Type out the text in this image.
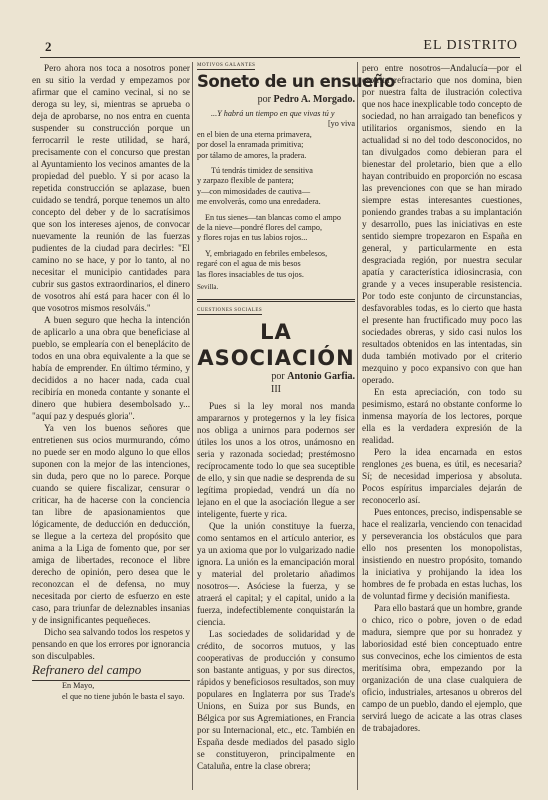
2	EL DISTRITO

Pero ahora nos toca a nosotros poner en su sitio la verdad y empezamos por afirmar que el camino vecinal, si no se deroga su ley, si, mientras se aprueba o deja de aprobarse, no nos entra en cuenta suspender su construcción porque un ferrocarril le reste utilidad, se hará, precisamente con el concurso que prestan al Ayuntamiento los vecinos amantes de la propiedad del pueblo. Y si por acaso la repetida construcción se aplazase, buen cuidado se tendrá, porque tenemos un alto concepto del deber y de lo sacratísimos que son los intereses ajenos, de convocar nuevamente la reunión de las fuerzas pudientes de la ciudad para decirles: "El camino no se hace, y por lo tanto, al no necesitar el municipio cantidades para cubrir sus gastos extraordinarios, el dinero de vosotros ahí está para hacer con él lo que vosotros mismos resolváis."

A buen seguro que hecha la intención de aplicarlo a una obra que beneficiase al pueblo, se emplearía con el beneplácito de todos en una obra equivalente a la que se había de emprender. En último término, y decididos a no hacer nada, cada cual recibiría en moneda contante y sonante el dinero que hubiera desembolsado y... "aquí paz y después gloria".

Ya ven los buenos señores que entretienen sus ocios murmurando, cómo no puede ser en modo alguno lo que ellos suponen con la mejor de las intenciones, sin duda, pero que no lo parece. Porque cuando se quiere fiscalizar, censurar o criticar, ha de hacerse con la conciencia tan libre de apasionamientos que lógicamente, de deducción en deducción, se llegue a la certeza del propósito que anima a la Liga de fomento que, por ser amiga de libertades, reconoce el libre derecho de opinión, pero desea que le reconozcan el de defensa, no muy necesitada por cierto de esfuerzo en este caso, para triunfar de deleznables insanias y de insignificantes pequeñeces.

Dicho sea salvando todos los respetos y pensando en que los errores por ignorancia son disculpables.

Refranero del campo

En Mayo,
el que no tiene jubón le basta el sayo.
MOTIVOS GALANTES
Soneto de un ensueño
por Pedro A. Morgado.
...Y habrá un tiempo en que vivas tú y
[yo viva
en el bien de una eterna primavera,
por dosel la enramada primitiva;
por tálamo de amores, la pradera.
Tú tendrás timidez de sensitiva
y zarpazo flexible de pantera;
y—con mimosidades de cautiva—
me envolverás, como una enredadera.
En tus sienes—tan blancas como el ampo
de la nieve—pondré flores del campo,
y flores rojas en tus labios rojos...
Y, embriagado en febriles embelesos,
regaré con el agua de mis besos
las flores insaciables de tus ojos.
Sevilla.
CUESTIONES SOCIALES
LA ASOCIACIÓN
por Antonio Garfia.
III

Pues si la ley moral nos manda ampararnos y protegernos y la ley física nos obliga a unirnos para podernos ser útiles los unos a los otros, unámosno en seria y razonada sociedad; prestémosno recíprocamente todo lo que sea suceptible de ello, y sin que nadie se desprenda de su legítima propiedad, vendrá un día no lejano en el que la asociación llegue a ser inteligente, fuerte y rica.

Que la unión constituye la fuerza, como sentamos en el artículo anterior, es ya un axioma que por lo vulgarizado nadie ignora. La unión es la emancipación moral y material del proletario añadimos nosotros—. Asóciese la fuerza, y se atraerá el capital; y el capital, unido a la fuerza, indefectiblemente conquistarán la ciencia.

Las sociedades de solidaridad y de crédito, de socorros mutuos, y las cooperativas de producción y consumo son bastante antiguas, y por sus directos, rápidos y beneficiosos resultados, son muy populares en Inglaterra por sus Trade's Unions, en Suiza por sus Bunds, en Bélgica por sus Agremiationes, en Francia por su Internacional, etc., etc. También en España desde mediados del pasado siglo se constituyeron, principalmente en Cataluña, entre la clase obrera;

pero entre nosotros—Andalucía—por el espíritu refractario que nos domina, bien por nuestra falta de ilustración colectiva que nos hace inexplicable todo concepto de sociedad, no han arraigado tan beneficos y utilitarios organismos, siendo en la actualidad si no del todo desconocidos, no tan divulgados como debieran para el bienestar del proletario, bien que a ello hayan contribuido en proporción no escasa las prevenciones con que se han mirado siempre estas interesantes cuestiones, poniendo grandes trabas a su implantación y desarrollo, pues las iniciativas en este sentido siempre tropezaron en España en general, y particularmente en esta desgraciada región, por nuestra secular apatía y característica idiosincrasia, con grande y a veces insuperable resistencia. Por todo este conjunto de circunstancias, desfavorables todas, es lo cierto que hasta el presente han fructificado muy poco las sociedades obreras, y sido casi nulos los resultados obtenidos en las intentadas, sin duda también motivado por el criterio mezquino y poco expansivo con que han operado.

En esta apreciación, con todo su pesimismo, estará no obstante conforme lo inmensa mayoría de los lectores, porque ella es la verdadera expresión de la realidad.

Pero la idea encarnada en estos renglones ¿es buena, es útil, es necesaria? Sí; de necesidad imperiosa y absoluta. Pocos espíritus imparciales dejarán de reconocerlo así.

Pues entonces, preciso, indispensable se hace el realizarla, venciendo con tenacidad y perseverancia los obstáculos que para ello nos presenten los monopolistas, insistiendo en nuestro propósito, tomando la iniciativa y prohijando la idea los hombres de fe probada en estas luchas, los de voluntad firme y decisión manifiesta.

Para ello bastará que un hombre, grande o chico, rico o pobre, joven o de edad madura, siempre que por su honradez y laboriosidad esté bien conceptuado entre sus convecinos, eche los cimientos de esta meritísima obra, empezando por la organización de una clase cualquiera de oficio, industriales, artesanos u obreros del campo de un pueblo, dando el ejemplo, que servirá luego de acicate a las otras clases de trabajadores.
